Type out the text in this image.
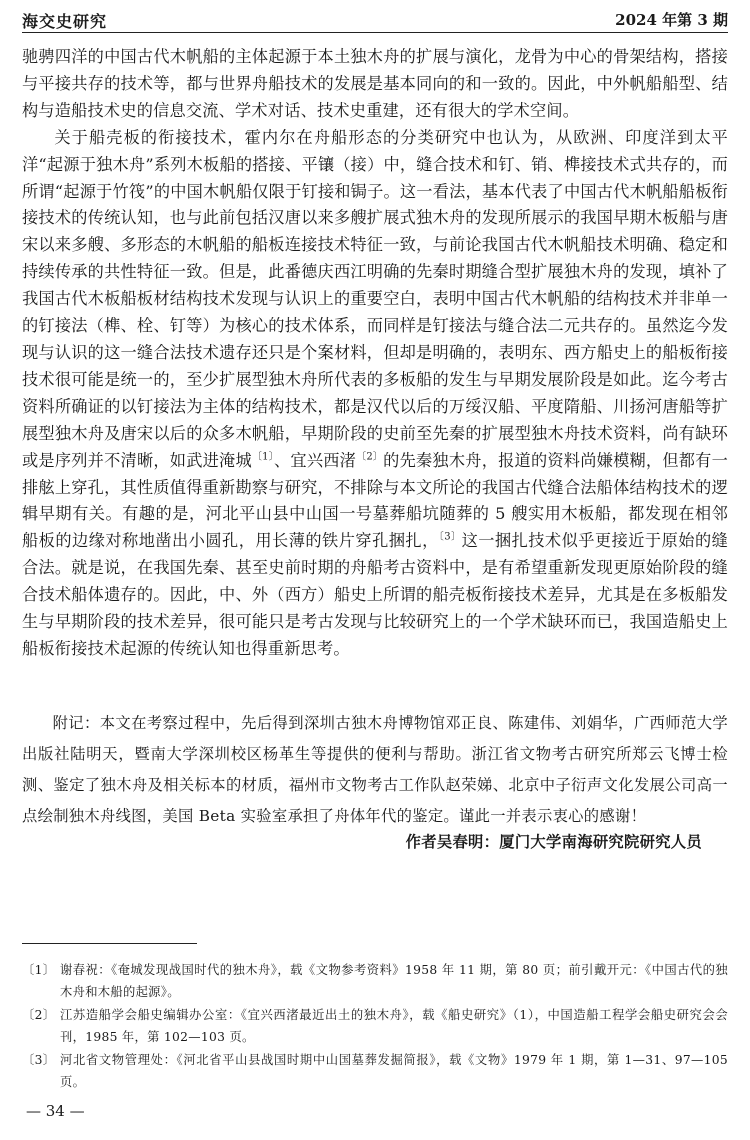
海交史研究	2024 年第 3 期

驰骋四洋的中国古代木帆船的主体起源于本土独木舟的扩展与演化，龙骨为中心的骨架结构，搭接与平接共存的技术等，都与世界舟船技术的发展是基本同向的和一致的。因此，中外帆船船型、结构与造船技术史的信息交流、学术对话、技术史重建，还有很大的学术空间。

关于船壳板的衔接技术，霍内尔在舟船形态的分类研究中也认为，从欧洲、印度洋到太平洋“起源于独木舟”系列木板船的搭接、平镶（接）中，缝合技术和钉、销、榫接技术式共存的，而所谓“起源于竹筏”的中国木帆船仅限于钉接和锔子。这一看法，基本代表了中国古代木帆船船板衔接技术的传统认知，也与此前包括汉唐以来多艘扩展式独木舟的发现所展示的我国早期木板船与唐宋以来多艘、多形态的木帆船的船板连接技术特征一致，与前论我国古代木帆船技术明确、稳定和持续传承的共性特征一致。但是，此番德庆西江明确的先秦时期缝合型扩展独木舟的发现，填补了我国古代木板船板材结构技术发现与认识上的重要空白，表明中国古代木帆船的结构技术并非单一的钉接法（榫、栓、钉等）为核心的技术体系，而同样是钉接法与缝合法二元共存的。虽然迄今发现与认识的这一缝合法技术遗存还只是个案材料，但却是明确的，表明东、西方船史上的船板衔接技术很可能是统一的，至少扩展型独木舟所代表的多板船的发生与早期发展阶段是如此。迄今考古资料所确证的以钉接法为主体的结构技术，都是汉代以后的万绥汉船、平度隋船、川扬河唐船等扩展型独木舟及唐宋以后的众多木帆船，早期阶段的史前至先秦的扩展型独木舟技术资料，尚有缺环或是序列并不清晰，如武进淹城$^{〔1〕}$、宜兴西渚$^{〔2〕}$的先秦独木舟，报道的资料尚嫌模糊，但都有一排舷上穿孔，其性质值得重新勘察与研究，不排除与本文所论的我国古代缝合法船体结构技术的逻辑早期有关。有趣的是，河北平山县中山国一号墓葬船坑随葬的 5 艘实用木板船，都发现在相邻船板的边缘对称地凿出小圆孔，用长薄的铁片穿孔捆扎，$^{〔3〕}$这一捆扎技术似乎更接近于原始的缝合法。就是说，在我国先秦、甚至史前时期的舟船考古资料中，是有希望重新发现更原始阶段的缝合技术船体遗存的。因此，中、外（西方）船史上所谓的船壳板衔接技术差异，尤其是在多板船发生与早期阶段的技术差异，很可能只是考古发现与比较研究上的一个学术缺环而已，我国造船史上船板衔接技术起源的传统认知也得重新思考。

附记：本文在考察过程中，先后得到深圳古独木舟博物馆邓正良、陈建伟、刘娟华，广西师范大学出版社陆明天，暨南大学深圳校区杨革生等提供的便利与帮助。浙江省文物考古研究所郑云飞博士检测、鉴定了独木舟及相关标本的材质，福州市文物考古工作队赵荣娣、北京中子衍声文化发展公司高一点绘制独木舟线图，美国 Beta 实验室承担了舟体年代的鉴定。谨此一并表示衷心的感谢！

作者吴春明：厦门大学南海研究院研究人员
〔1〕 谢春祝：《奄城发现战国时代的独木舟》，载《文物参考资料》1958 年 11 期，第 80 页；前引戴开元：《中国古代的独木舟和木船的起源》。
〔2〕 江苏造船学会船史编辑办公室：《宜兴西渚最近出土的独木舟》，载《船史研究》（1），中国造船工程学会船史研究会会刊，1985 年，第 102—103 页。
〔3〕 河北省文物管理处：《河北省平山县战国时期中山国墓葬发掘简报》，载《文物》1979 年 1 期，第 1—31、97—105 页。
— 34 —
